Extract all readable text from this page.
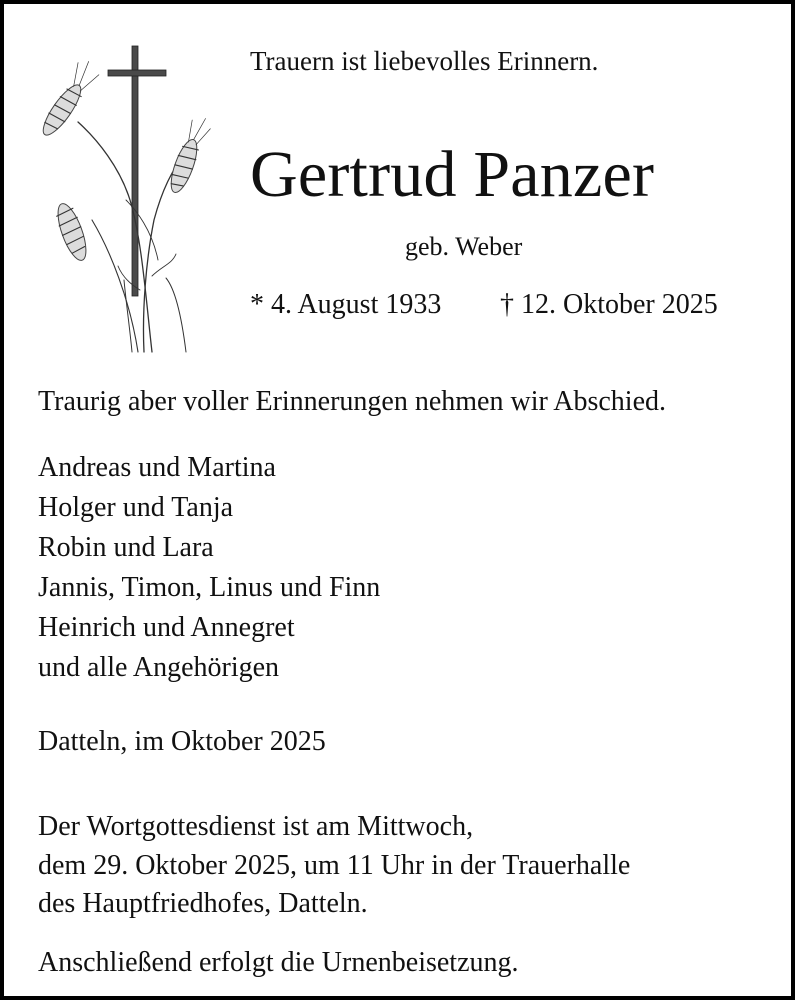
Trauern ist liebevolles Erinnern.
Gertrud Panzer
geb. Weber
* 4. August 1933 † 12. Oktober 2025
Traurig aber voller Erinnerungen nehmen wir Abschied.
Andreas und Martina
Holger und Tanja
Robin und Lara
Jannis, Timon, Linus und Finn
Heinrich und Annegret
und alle Angehörigen
Datteln, im Oktober 2025
Der Wortgottesdienst ist am Mittwoch,
dem 29. Oktober 2025, um 11 Uhr in der Trauerhalle
des Hauptfriedhofes, Datteln.
Anschließend erfolgt die Urnenbeisetzung.
